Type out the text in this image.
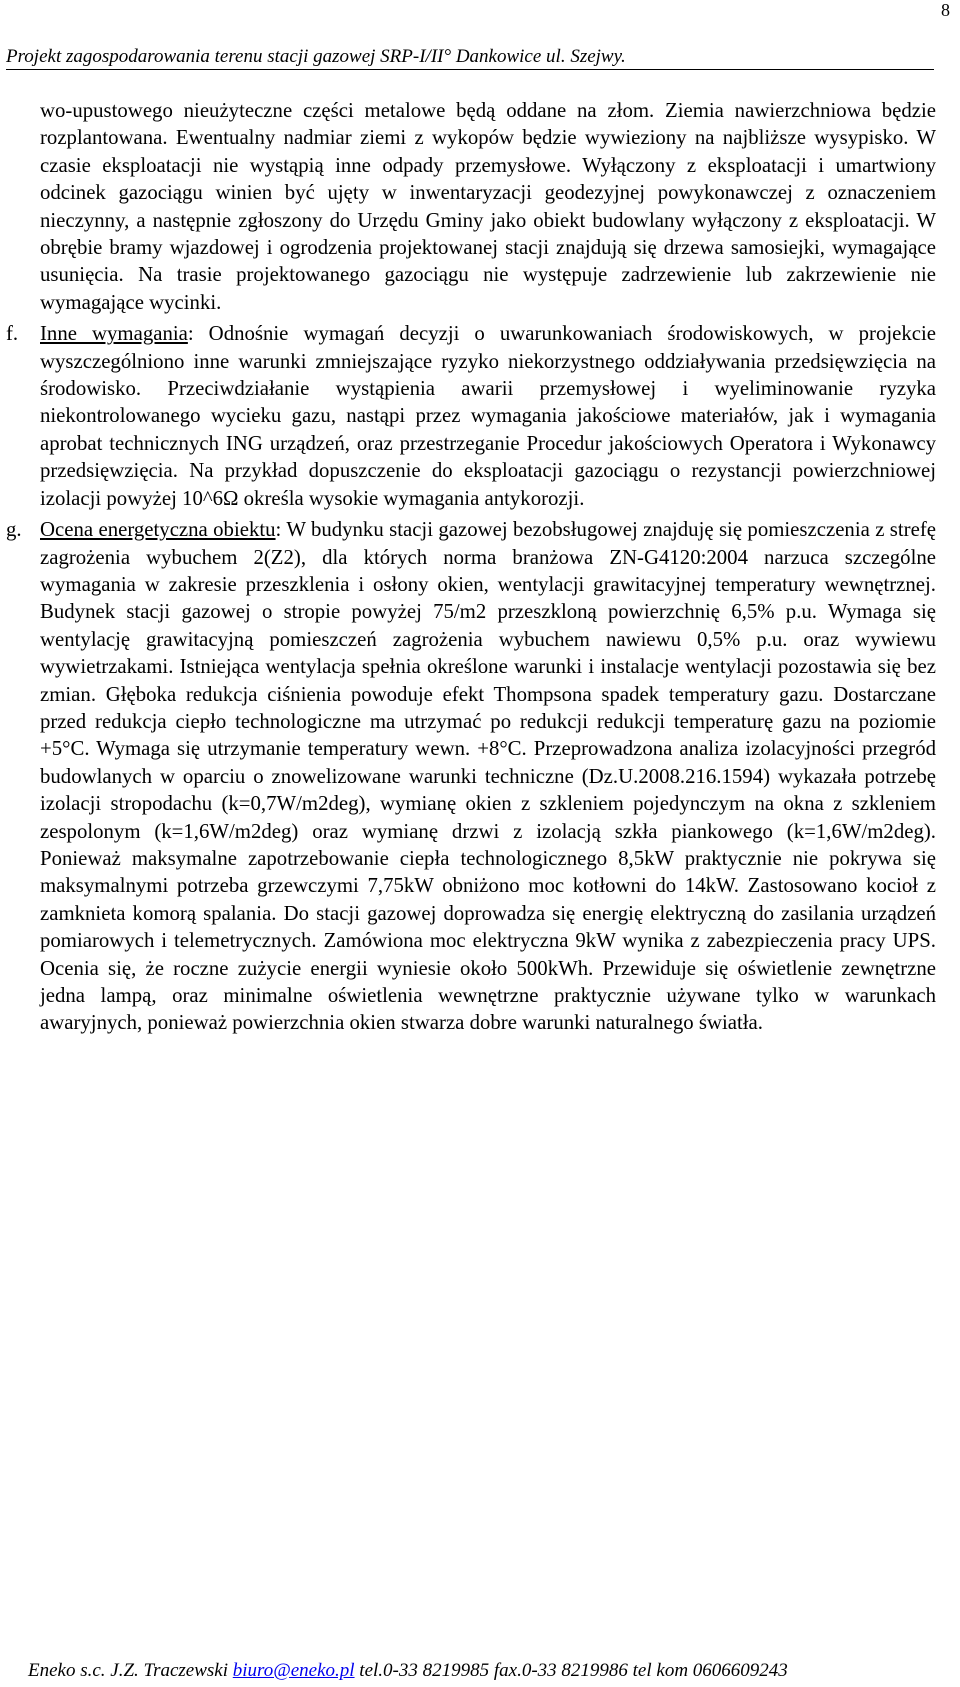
8
Projekt zagospodarowania terenu stacji gazowej SRP-I/II° Dankowice ul. Szejwy.

wo-upustowego nieużyteczne części metalowe będą oddane na złom. Ziemia nawierzchniowa będzie rozplantowana. Ewentualny nadmiar ziemi z wykopów będzie wywieziony na najbliższe wysypisko. W czasie eksploatacji nie wystąpią inne odpady przemysłowe. Wyłączony z eksploatacji i umartwiony odcinek gazociągu winien być ujęty w inwentaryzacji geodezyjnej powykonawczej z oznaczeniem nieczynny, a następnie zgłoszony do Urzędu Gminy jako obiekt budowlany wyłączony z eksploatacji. W obrębie bramy wjazdowej i ogrodzenia projektowanej stacji znajdują się drzewa samosiejki, wymagające usunięcia. Na trasie projektowanego gazociągu nie występuje zadrzewienie lub zakrzewienie nie wymagające wycinki.

f. Inne wymagania: Odnośnie wymagań decyzji o uwarunkowaniach środowiskowych, w projekcie wyszczególniono inne warunki zmniejszające ryzyko niekorzystnego oddziaływania przedsięwzięcia na środowisko. Przeciwdziałanie wystąpienia awarii przemysłowej i wyeliminowanie ryzyka niekontrolowanego wycieku gazu, nastąpi przez wymagania jakościowe materiałów, jak i wymagania aprobat technicznych ING urządzeń, oraz przestrzeganie Procedur jakościowych Operatora i Wykonawcy przedsięwzięcia. Na przykład dopuszczenie do eksploatacji gazociągu o rezystancji powierzchniowej izolacji powyżej 10^6Ω określa wysokie wymagania antykorozji.

g. Ocena energetyczna obiektu: W budynku stacji gazowej bezobsługowej znajduję się pomieszczenia z strefę zagrożenia wybuchem 2(Z2), dla których norma branżowa ZN-G4120:2004 narzuca szczególne wymagania w zakresie przeszklenia i osłony okien, wentylacji grawitacyjnej temperatury wewnętrznej. Budynek stacji gazowej o stropie powyżej 75/m2 przeszkloną powierzchnię 6,5% p.u. Wymaga się wentylację grawitacyjną pomieszczeń zagrożenia wybuchem nawiewu 0,5% p.u. oraz wywiewu wywietrzakami. Istniejąca wentylacja spełnia określone warunki i instalacje wentylacji pozostawia się bez zmian. Głęboka redukcja ciśnienia powoduje efekt Thompsona spadek temperatury gazu. Dostarczane przed redukcja ciepło technologiczne ma utrzymać po redukcji redukcji temperaturę gazu na poziomie +5°C. Wymaga się utrzymanie temperatury wewn. +8°C. Przeprowadzona analiza izolacyjności przegród budowlanych w oparciu o znowelizowane warunki techniczne (Dz.U.2008.216.1594) wykazała potrzebę izolacji stropodachu (k=0,7W/m2deg), wymianę okien z szkleniem pojedynczym na okna z szkleniem zespolonym (k=1,6W/m2deg) oraz wymianę drzwi z izolacją szkła piankowego (k=1,6W/m2deg). Ponieważ maksymalne zapotrzebowanie ciepła technologicznego 8,5kW praktycznie nie pokrywa się maksymalnymi potrzeba grzewczymi 7,75kW obniżono moc kotłowni do 14kW. Zastosowano kocioł z zamknieta komorą spalania. Do stacji gazowej doprowadza się energię elektryczną do zasilania urządzeń pomiarowych i telemetrycznych. Zamówiona moc elektryczna 9kW wynika z zabezpieczenia pracy UPS. Ocenia się, że roczne zużycie energii wyniesie około 500kWh. Przewiduje się oświetlenie zewnętrzne jedna lampą, oraz minimalne oświetlenia wewnętrzne praktycznie używane tylko w warunkach awaryjnych, ponieważ powierzchnia okien stwarza dobre warunki naturalnego światła.

Eneko s.c. J.Z. Traczewski biuro@eneko.pl tel.0-33 8219985 fax.0-33 8219986 tel kom 0606609243
